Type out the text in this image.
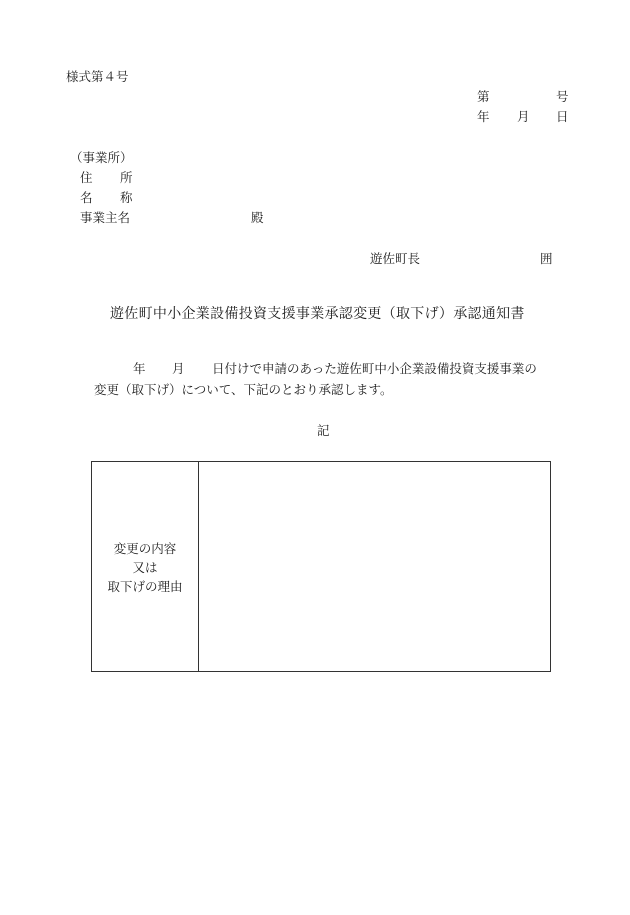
様式第４号
第	号
年 月 日
（事業所）
住 所
名 称
事業主名	殿
遊佐町長	囲
遊佐町中小企業設備投資支援事業承認変更（取下げ）承認通知書
年 月 日付けで申請のあった遊佐町中小企業設備投資支援事業の
変更（取下げ）について、下記のとおり承認します。
記
変更の内容
又は
取下げの理由
